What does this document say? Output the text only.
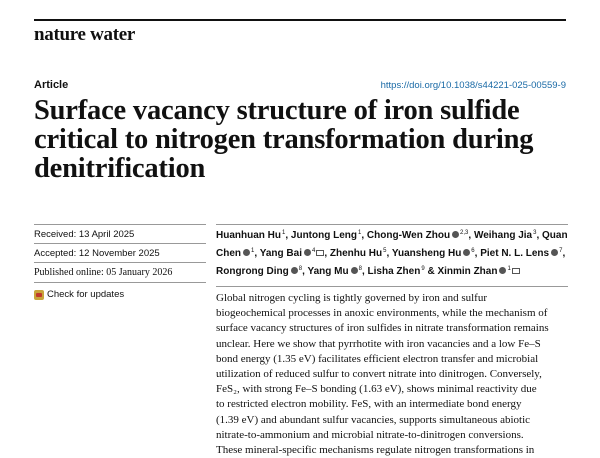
nature water
Article	https://doi.org/10.1038/s44221-025-00559-9
Surface vacancy structure of iron sulfide
critical to nitrogen transformation during
denitrification
Received: 13 April 2025
Accepted: 12 November 2025
Published online: 05 January 2026
Check for updates
Huanhuan Hu$^1$, Juntong Leng$^1$, Chong-Wen Zhou $^{2,3}$, Weihang Jia$^3$, Quan Chen $^1$, Yang Bai $^4$ , Zhenhu Hu$^5$, Yuansheng Hu $^6$, Piet N. L. Lens $^7$, Rongrong Ding $^8$, Yang Mu $^8$, Lisha Zhen$^9$ & Xinmin Zhan $^1$

Global nitrogen cycling is tightly governed by iron and sulfur
biogeochemical processes in anoxic environments, while the mechanism of
surface vacancy structures of iron sulfides in nitrate transformation remains
unclear. Here we show that pyrrhotite with iron vacancies and a low Fe–S
bond energy (1.35 eV) facilitates efficient electron transfer and microbial
utilization of reduced sulfur to convert nitrate into dinitrogen. Conversely,
FeS₂, with strong Fe–S bonding (1.63 eV), shows minimal reactivity due
to restricted electron mobility. FeS, with an intermediate bond energy
(1.39 eV) and abundant sulfur vacancies, supports simultaneous abiotic
nitrate-to-ammonium and microbial nitrate-to-dinitrogen conversions.
These mineral-specific mechanisms regulate nitrogen transformations in
